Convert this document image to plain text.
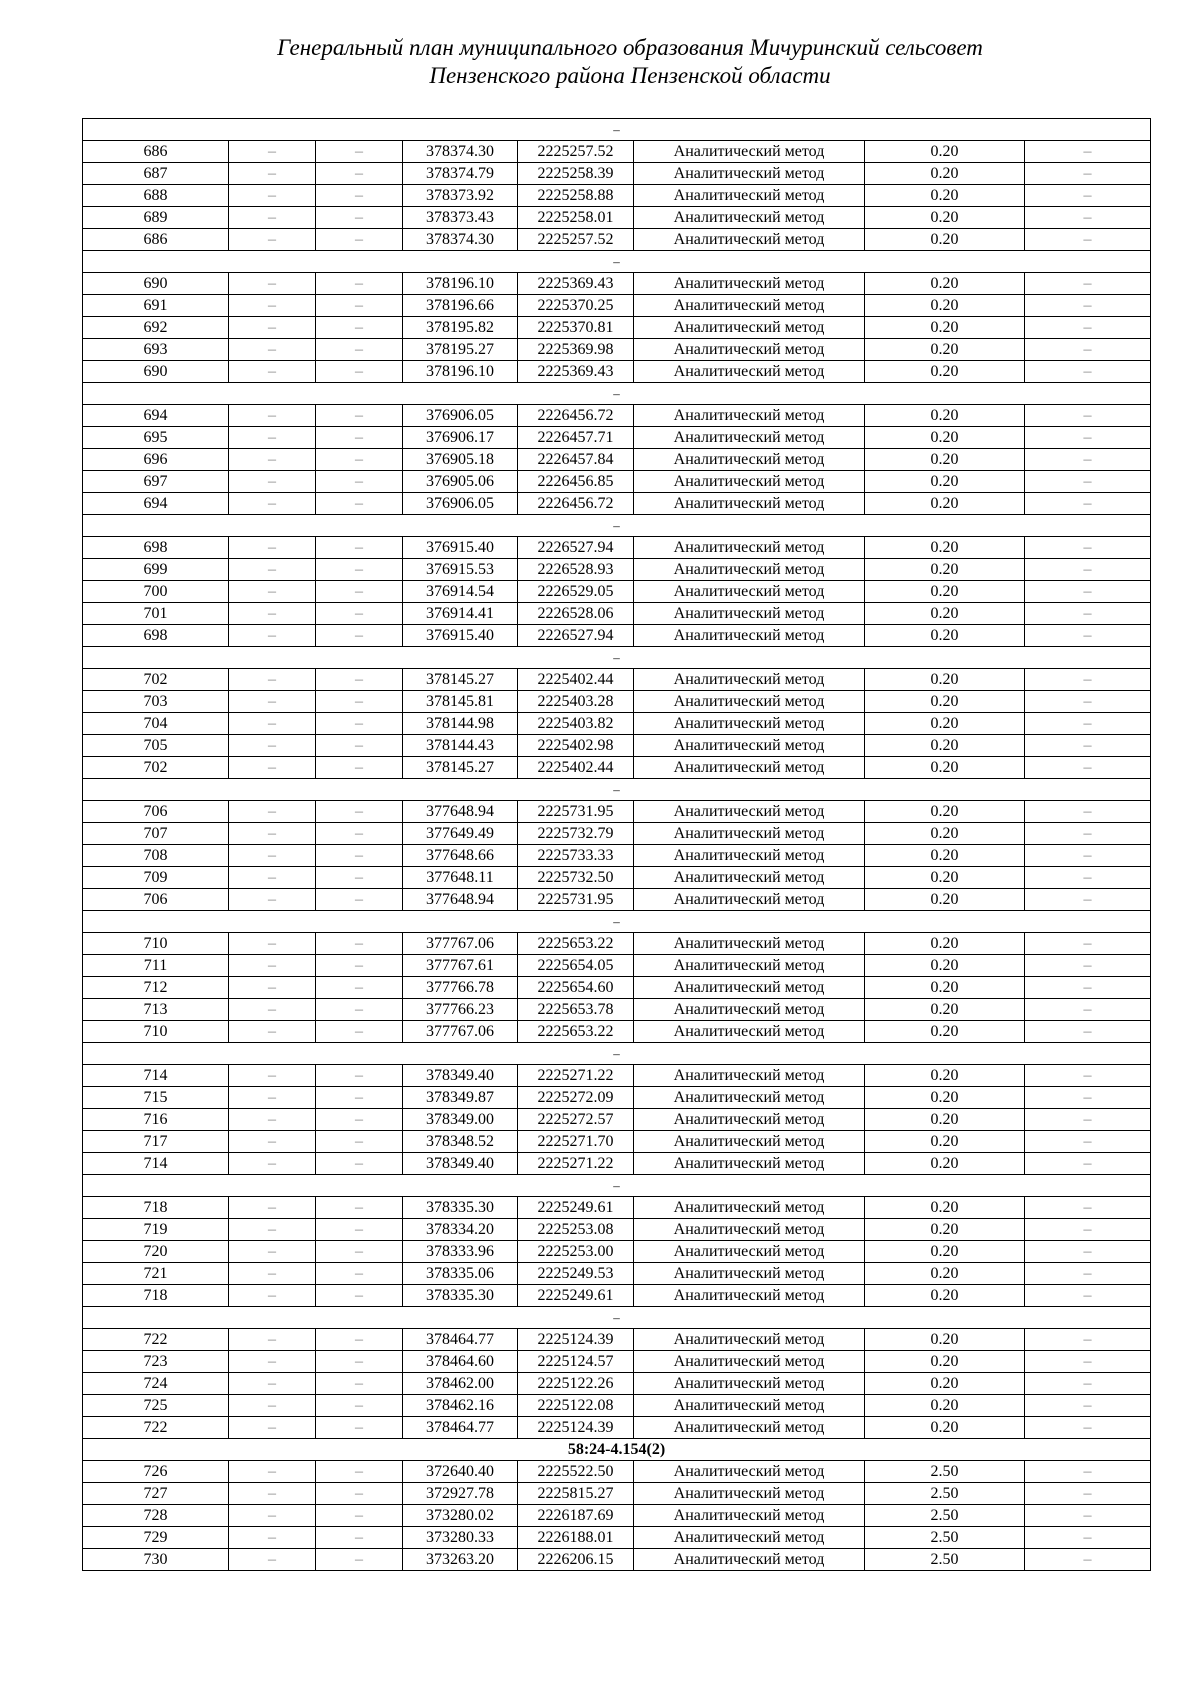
Генеральный план муниципального образования Мичуринский сельсовет
Пензенского района Пензенской области
–							
686	–	–	378374.30	2225257.52	Аналитический метод	0.20	–
687	–	–	378374.79	2225258.39	Аналитический метод	0.20	–
688	–	–	378373.92	2225258.88	Аналитический метод	0.20	–
689	–	–	378373.43	2225258.01	Аналитический метод	0.20	–
686	–	–	378374.30	2225257.52	Аналитический метод	0.20	–
–							
690	–	–	378196.10	2225369.43	Аналитический метод	0.20	–
691	–	–	378196.66	2225370.25	Аналитический метод	0.20	–
692	–	–	378195.82	2225370.81	Аналитический метод	0.20	–
693	–	–	378195.27	2225369.98	Аналитический метод	0.20	–
690	–	–	378196.10	2225369.43	Аналитический метод	0.20	–
–							
694	–	–	376906.05	2226456.72	Аналитический метод	0.20	–
695	–	–	376906.17	2226457.71	Аналитический метод	0.20	–
696	–	–	376905.18	2226457.84	Аналитический метод	0.20	–
697	–	–	376905.06	2226456.85	Аналитический метод	0.20	–
694	–	–	376906.05	2226456.72	Аналитический метод	0.20	–
–							
698	–	–	376915.40	2226527.94	Аналитический метод	0.20	–
699	–	–	376915.53	2226528.93	Аналитический метод	0.20	–
700	–	–	376914.54	2226529.05	Аналитический метод	0.20	–
701	–	–	376914.41	2226528.06	Аналитический метод	0.20	–
698	–	–	376915.40	2226527.94	Аналитический метод	0.20	–
–							
702	–	–	378145.27	2225402.44	Аналитический метод	0.20	–
703	–	–	378145.81	2225403.28	Аналитический метод	0.20	–
704	–	–	378144.98	2225403.82	Аналитический метод	0.20	–
705	–	–	378144.43	2225402.98	Аналитический метод	0.20	–
702	–	–	378145.27	2225402.44	Аналитический метод	0.20	–
–							
706	–	–	377648.94	2225731.95	Аналитический метод	0.20	–
707	–	–	377649.49	2225732.79	Аналитический метод	0.20	–
708	–	–	377648.66	2225733.33	Аналитический метод	0.20	–
709	–	–	377648.11	2225732.50	Аналитический метод	0.20	–
706	–	–	377648.94	2225731.95	Аналитический метод	0.20	–
–							
710	–	–	377767.06	2225653.22	Аналитический метод	0.20	–
711	–	–	377767.61	2225654.05	Аналитический метод	0.20	–
712	–	–	377766.78	2225654.60	Аналитический метод	0.20	–
713	–	–	377766.23	2225653.78	Аналитический метод	0.20	–
710	–	–	377767.06	2225653.22	Аналитический метод	0.20	–
–							
714	–	–	378349.40	2225271.22	Аналитический метод	0.20	–
715	–	–	378349.87	2225272.09	Аналитический метод	0.20	–
716	–	–	378349.00	2225272.57	Аналитический метод	0.20	–
717	–	–	378348.52	2225271.70	Аналитический метод	0.20	–
714	–	–	378349.40	2225271.22	Аналитический метод	0.20	–
–							
718	–	–	378335.30	2225249.61	Аналитический метод	0.20	–
719	–	–	378334.20	2225253.08	Аналитический метод	0.20	–
720	–	–	378333.96	2225253.00	Аналитический метод	0.20	–
721	–	–	378335.06	2225249.53	Аналитический метод	0.20	–
718	–	–	378335.30	2225249.61	Аналитический метод	0.20	–
–							
722	–	–	378464.77	2225124.39	Аналитический метод	0.20	–
723	–	–	378464.60	2225124.57	Аналитический метод	0.20	–
724	–	–	378462.00	2225122.26	Аналитический метод	0.20	–
725	–	–	378462.16	2225122.08	Аналитический метод	0.20	–
722	–	–	378464.77	2225124.39	Аналитический метод	0.20	–
58:24-4.154(2)							
726	–	–	372640.40	2225522.50	Аналитический метод	2.50	–
727	–	–	372927.78	2225815.27	Аналитический метод	2.50	–
728	–	–	373280.02	2226187.69	Аналитический метод	2.50	–
729	–	–	373280.33	2226188.01	Аналитический метод	2.50	–
730	–	–	373263.20	2226206.15	Аналитический метод	2.50	–
